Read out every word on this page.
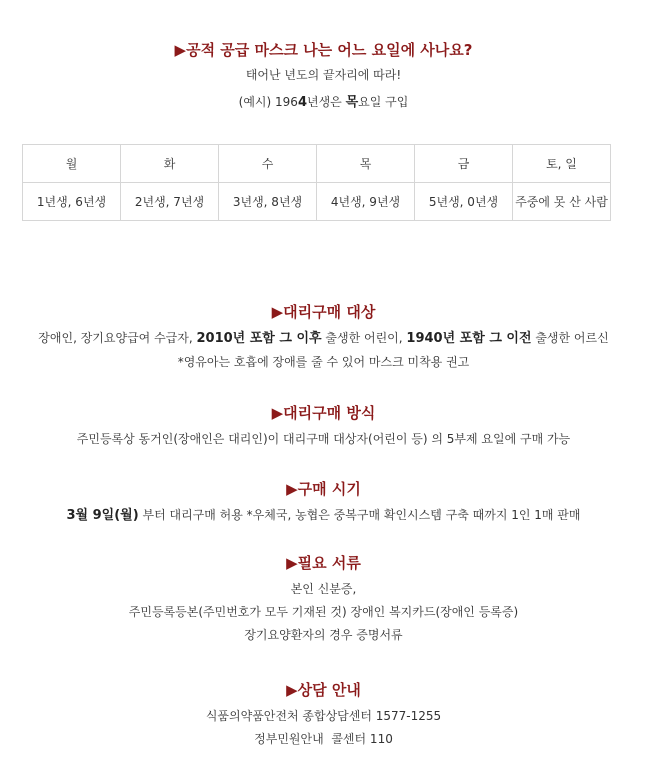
▶공적 공급 마스크 나는 어느 요일에 사나요?

태어난 년도의 끝자리에 따라!

(예시) 1964년생은 목요일 구입

월	화	수	목	금	토, 일
1년생, 6년생	2년생, 7년생	3년생, 8년생	4년생, 9년생	5년생, 0년생	주중에 못 산 사람

▶대리구매 대상

장애인, 장기요양급여 수급자, 2010년 포함 그 이후 출생한 어린이, 1940년 포함 그 이전 출생한 어르신

*영유아는 호흡에 장애를 줄 수 있어 마스크 미착용 권고

▶대리구매 방식

주민등록상 동거인(장애인은 대리인)이 대리구매 대상자(어린이 등) 의 5부제 요일에 구매 가능

▶구매 시기

3월 9일(월) 부터 대리구매 허용 *우체국, 농협은 중복구매 확인시스템 구축 때까지 1인 1매 판매

▶필요 서류

본인 신분증,

주민등록등본(주민번호가 모두 기재된 것) 장애인 복지카드(장애인 등록증)

장기요양환자의 경우 증명서류

▶상담 안내

식품의약품안전처 종합상담센터 1577-1255

정부민원안내  콜센터 110
